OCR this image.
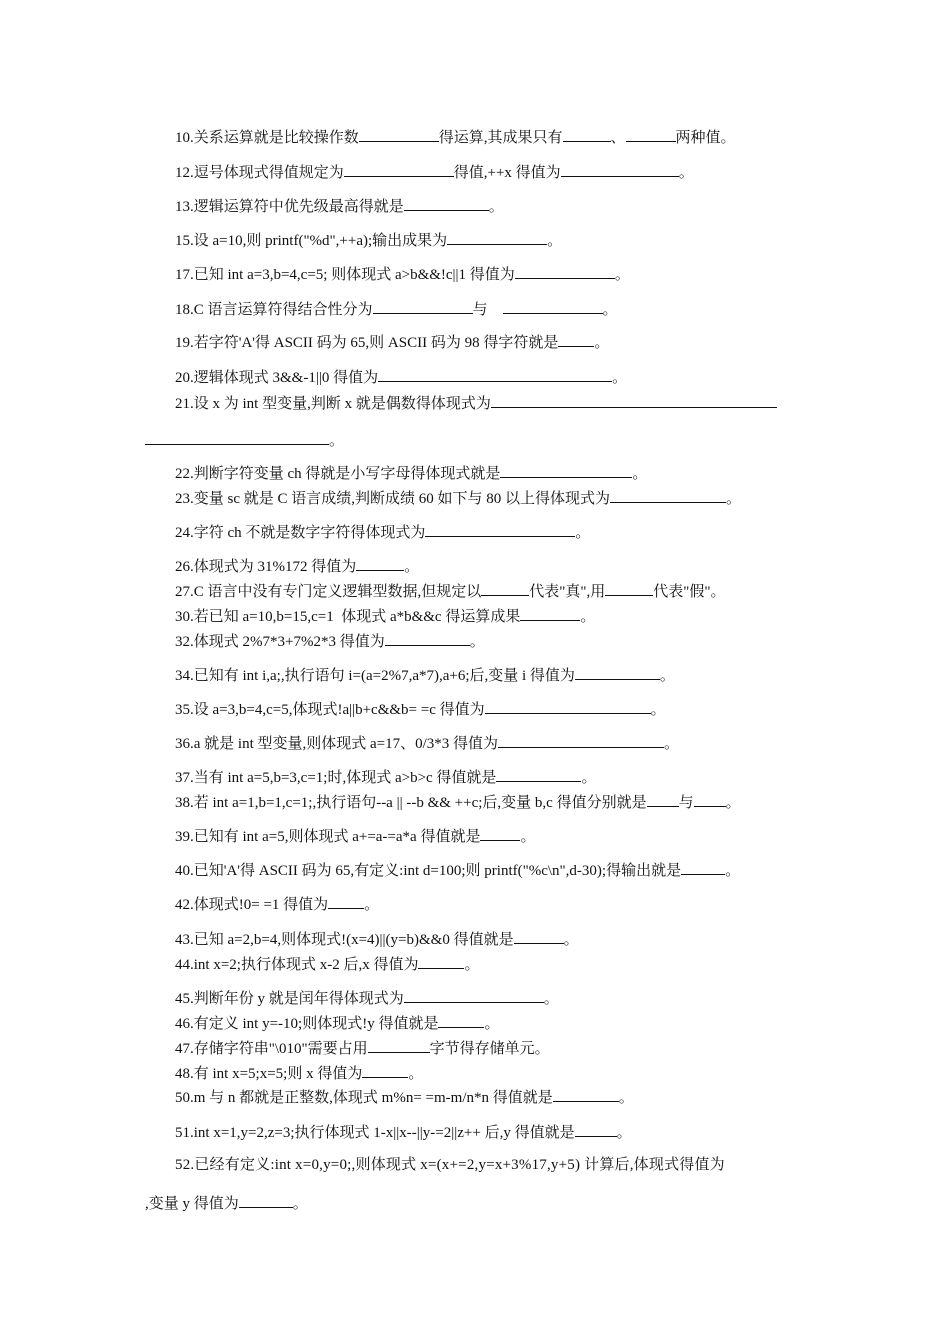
10.关系运算就是比较操作数	得运算,其成果只有	、	两种值。
12.逗号体现式得值规定为	得值,++x 得值为	。
13.逻辑运算符中优先级最高得就是	。
15.设 a=10,则 printf("%d",++a);输出成果为	。
17.已知 int a=3,b=4,c=5; 则体现式 a>b&&!c||1 得值为	。
18.C 语言运算符得结合性分为	与	。
19.若字符'A'得 ASCII 码为 65,则 ASCII 码为 98 得字符就是 。
20.逻辑体现式 3&&-1||0 得值为	。
21.设 x 为 int 型变量,判断 x 就是偶数得体现式为
。
22.判断字符变量 ch 得就是小写字母得体现式就是	。
23.变量 sc 就是 C 语言成绩,判断成绩 60 如下与 80 以上得体现式为	。
24.字符 ch 不就是数字字符得体现式为	。
26.体现式为 31%172 得值为	。
27.C 语言中没有专门定义逻辑型数据,但规定以	代表"真",用	代表"假"。
30.若已知 a=10,b=15,c=1  体现式 a*b&&c 得运算成果	。
32.体现式 2%7*3+7%2*3 得值为	。
34.已知有 int i,a;,执行语句 i=(a=2%7,a*7),a+6;后,变量 i 得值为	。
35.设 a=3,b=4,c=5,体现式!a||b+c&&b= =c 得值为	。
36.a 就是 int 型变量,则体现式 a=17、0/3*3 得值为	。
37.当有 int a=5,b=3,c=1;时,体现式 a>b>c 得值就是	。
38.若 int a=1,b=1,c=1;,执行语句--a || --b && ++c;后,变量 b,c 得值分别就是 与 。
39.已知有 int a=5,则体现式 a+=a-=a*a 得值就是	。
40.已知'A'得 ASCII 码为 65,有定义:int d=100;则 printf("%c\n",d-30);得输出就是	。
42.体现式!0= =1 得值为 。
43.已知 a=2,b=4,则体现式!(x=4)||(y=b)&&0 得值就是	。
44.int x=2;执行体现式 x-2 后,x 得值为	。
45.判断年份 y 就是闰年得体现式为	。
46.有定义 int y=-10;则体现式!y 得值就是	。
47.存储字符串"\010"需要占用	字节得存储单元。
48.有 int x=5;x=5;则 x 得值为	。
50.m 与 n 都就是正整数,体现式 m%n= =m-m/n*n 得值就是	。
51.int x=1,y=2,z=3;执行体现式 1-x||x--||y-=2||z++ 后,y 得值就是	。
52.已经有定义:int x=0,y=0;,则体现式 x=(x+=2,y=x+3%17,y+5) 计算后,体现式得值为
,变量 y 得值为	。
